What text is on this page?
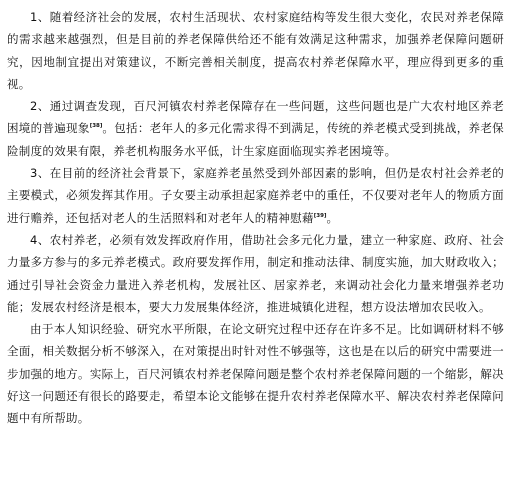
1、随着经济社会的发展，农村生活现状、农村家庭结构等发生很大变化，农民对养老保障的需求越来越强烈，但是目前的养老保障供给还不能有效满足这种需求，加强养老保障问题研究，因地制宜提出对策建议，不断完善相关制度，提高农村养老保障水平，理应得到更多的重视。

2、通过调查发现，百尺河镇农村养老保障存在一些问题，这些问题也是广大农村地区养老困境的普遍现象[38]。包括：老年人的多元化需求得不到满足，传统的养老模式受到挑战，养老保险制度的效果有限，养老机构服务水平低，计生家庭面临现实养老困境等。

3、在目前的经济社会背景下，家庭养老虽然受到外部因素的影响，但仍是农村社会养老的主要模式，必须发挥其作用。子女要主动承担起家庭养老中的重任，不仅要对老年人的物质方面进行赡养，还包括对老人的生活照料和对老年人的精神慰藉[39]。

4、农村养老，必须有效发挥政府作用，借助社会多元化力量，建立一种家庭、政府、社会力量多方参与的多元养老模式。政府要发挥作用，制定和推动法律、制度实施，加大财政收入；通过引导社会资金力量进入养老机构，发展社区、居家养老，来调动社会化力量来增强养老功能；发展农村经济是根本，要大力发展集体经济，推进城镇化进程，想方设法增加农民收入。

由于本人知识经验、研究水平所限，在论文研究过程中还存在许多不足。比如调研材料不够全面，相关数据分析不够深入，在对策提出时针对性不够强等，这也是在以后的研究中需要进一步加强的地方。实际上，百尺河镇农村养老保障问题是整个农村养老保障问题的一个缩影，解决好这一问题还有很长的路要走，希望本论文能够在提升农村养老保障水平、解决农村养老保障问题中有所帮助。
